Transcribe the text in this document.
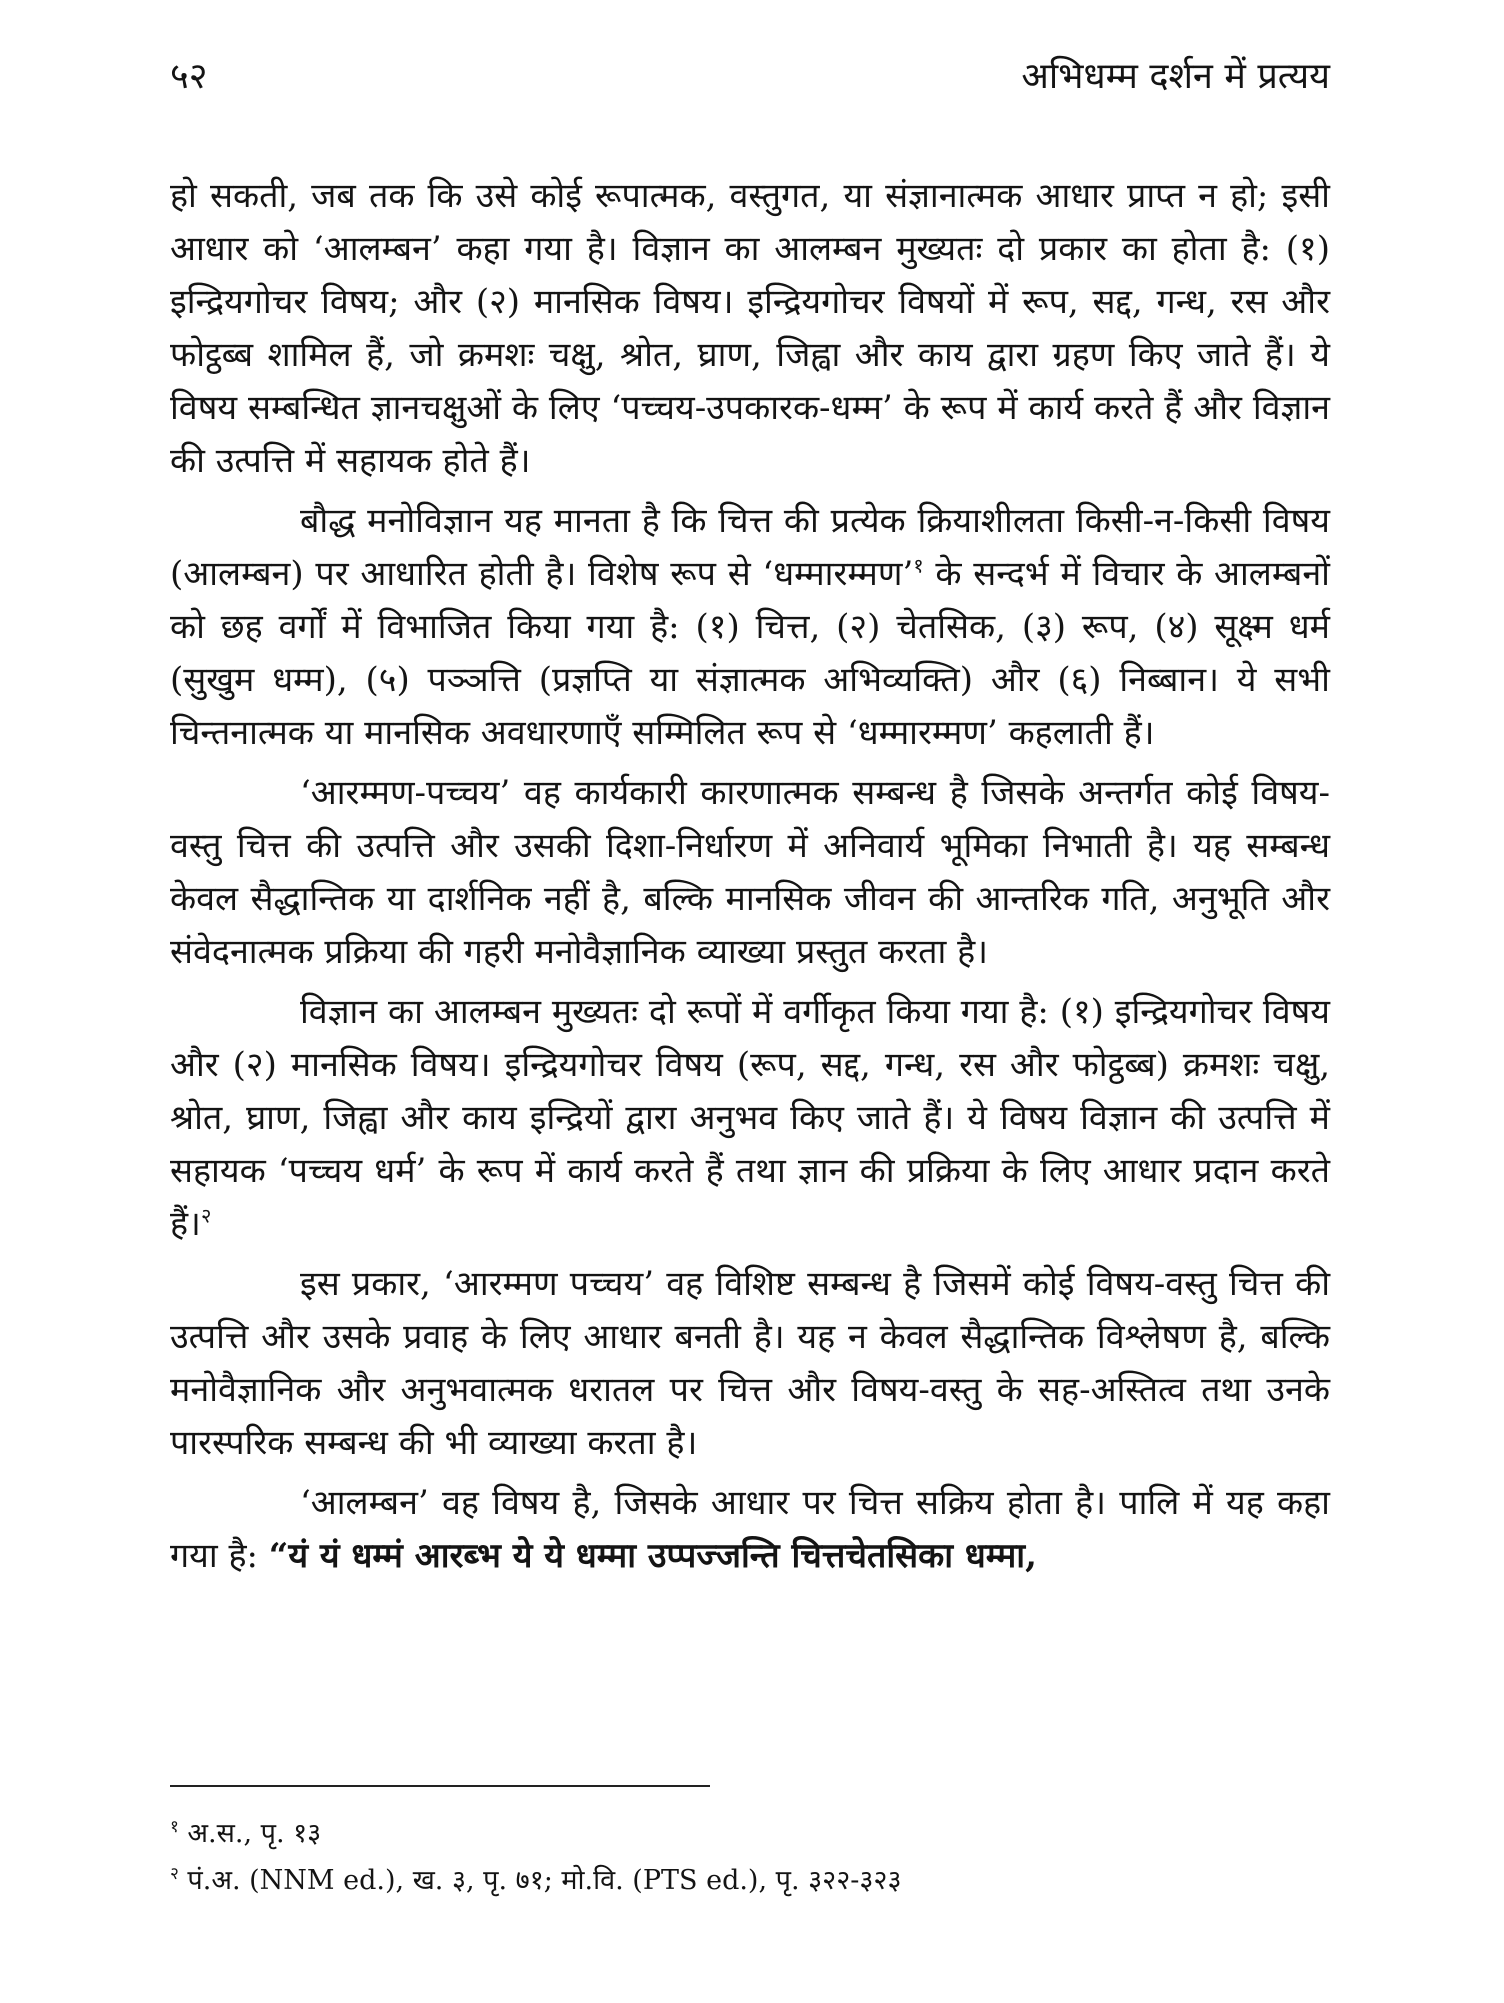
५२	अभिधम्म दर्शन में प्रत्यय

हो सकती, जब तक कि उसे कोई रूपात्मक, वस्तुगत, या संज्ञानात्मक आधार प्राप्त न हो; इसी आधार को ‘आलम्बन’ कहा गया है। विज्ञान का आलम्बन मुख्यतः दो प्रकार का होता है: (१) इन्द्रियगोचर विषय; और (२) मानसिक विषय। इन्द्रियगोचर विषयों में रूप, सद्द, गन्ध, रस और फोट्ठब्ब शामिल हैं, जो क्रमशः चक्षु, श्रोत, घ्राण, जिह्वा और काय द्वारा ग्रहण किए जाते हैं। ये विषय सम्बन्धित ज्ञानचक्षुओं के लिए ‘पच्चय-उपकारक-धम्म’ के रूप में कार्य करते हैं और विज्ञान की उत्पत्ति में सहायक होते हैं।

बौद्ध मनोविज्ञान यह मानता है कि चित्त की प्रत्येक क्रियाशीलता किसी-न-किसी विषय (आलम्बन) पर आधारित होती है। विशेष रूप से ‘धम्मारम्मण’$^१$ के सन्दर्भ में विचार के आलम्बनों को छह वर्गों में विभाजित किया गया है: (१) चित्त, (२) चेतसिक, (३) रूप, (४) सूक्ष्म धर्म (सुखुम धम्म), (५) पञ्ञत्ति (प्रज्ञप्ति या संज्ञात्मक अभिव्यक्ति) और (६) निब्बान। ये सभी चिन्तनात्मक या मानसिक अवधारणाएँ सम्मिलित रूप से ‘धम्मारम्मण’ कहलाती हैं।

‘आरम्मण-पच्चय’ वह कार्यकारी कारणात्मक सम्बन्ध है जिसके अन्तर्गत कोई विषय-वस्तु चित्त की उत्पत्ति और उसकी दिशा-निर्धारण में अनिवार्य भूमिका निभाती है। यह सम्बन्ध केवल सैद्धान्तिक या दार्शनिक नहीं है, बल्कि मानसिक जीवन की आन्तरिक गति, अनुभूति और संवेदनात्मक प्रक्रिया की गहरी मनोवैज्ञानिक व्याख्या प्रस्तुत करता है।

विज्ञान का आलम्बन मुख्यतः दो रूपों में वर्गीकृत किया गया है: (१) इन्द्रियगोचर विषय और (२) मानसिक विषय। इन्द्रियगोचर विषय (रूप, सद्द, गन्ध, रस और फोट्ठब्ब) क्रमशः चक्षु, श्रोत, घ्राण, जिह्वा और काय इन्द्रियों द्वारा अनुभव किए जाते हैं। ये विषय विज्ञान की उत्पत्ति में सहायक ‘पच्चय धर्म’ के रूप में कार्य करते हैं तथा ज्ञान की प्रक्रिया के लिए आधार प्रदान करते हैं।$^२$

इस प्रकार, ‘आरम्मण पच्चय’ वह विशिष्ट सम्बन्ध है जिसमें कोई विषय-वस्तु चित्त की उत्पत्ति और उसके प्रवाह के लिए आधार बनती है। यह न केवल सैद्धान्तिक विश्लेषण है, बल्कि मनोवैज्ञानिक और अनुभवात्मक धरातल पर चित्त और विषय-वस्तु के सह-अस्तित्व तथा उनके पारस्परिक सम्बन्ध की भी व्याख्या करता है।

‘आलम्बन’ वह विषय है, जिसके आधार पर चित्त सक्रिय होता है। पालि में यह कहा गया है: “यं यं धम्मं आरब्भ ये ये धम्मा उप्पज्जन्ति चित्तचेतसिका धम्मा,

$^१$ अ.स., पृ. १३
$^२$ पं.अ. (NNM ed.), ख. ३, पृ. ७१; मो.वि. (PTS ed.), पृ. ३२२-३२३
